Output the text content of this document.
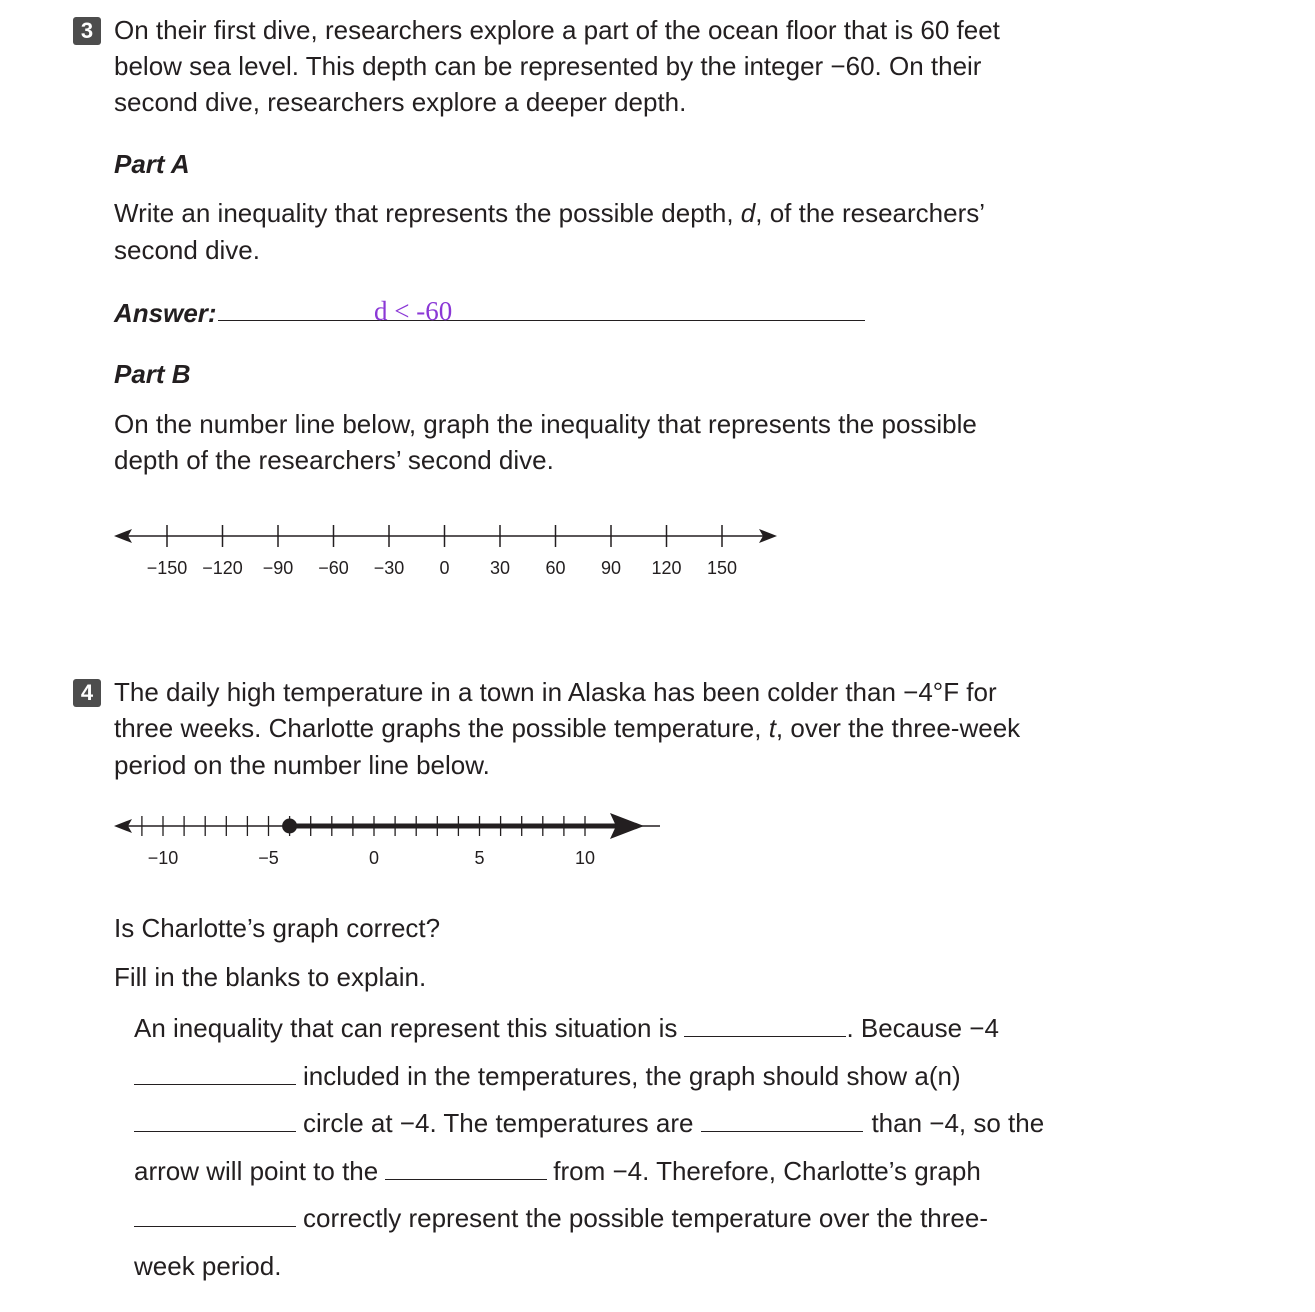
3 On their first dive, researchers explore a part of the ocean floor that is 60 feet
below sea level. This depth can be represented by the integer −60. On their
second dive, researchers explore a deeper depth.
Part A
Write an inequality that represents the possible depth, d, of the researchers’
second dive.
Answer:	d < -60
Part B
On the number line below, graph the inequality that represents the possible
depth of the researchers’ second dive.
−150 −120 −90 −60 −30 0 30 60 90 120 150
4 The daily high temperature in a town in Alaska has been colder than −4°F for
three weeks. Charlotte graphs the possible temperature, t, over the three-week
period on the number line below.
−10	−5	0	5	10
Is Charlotte’s graph correct?
Fill in the blanks to explain.
An inequality that can represent this situation is	. Because −4
included in the temperatures, the graph should show a(n)
circle at −4. The temperatures are	than −4, so the
arrow will point to the	from −4. Therefore, Charlotte’s graph
correctly represent the possible temperature over the three-
week period.
